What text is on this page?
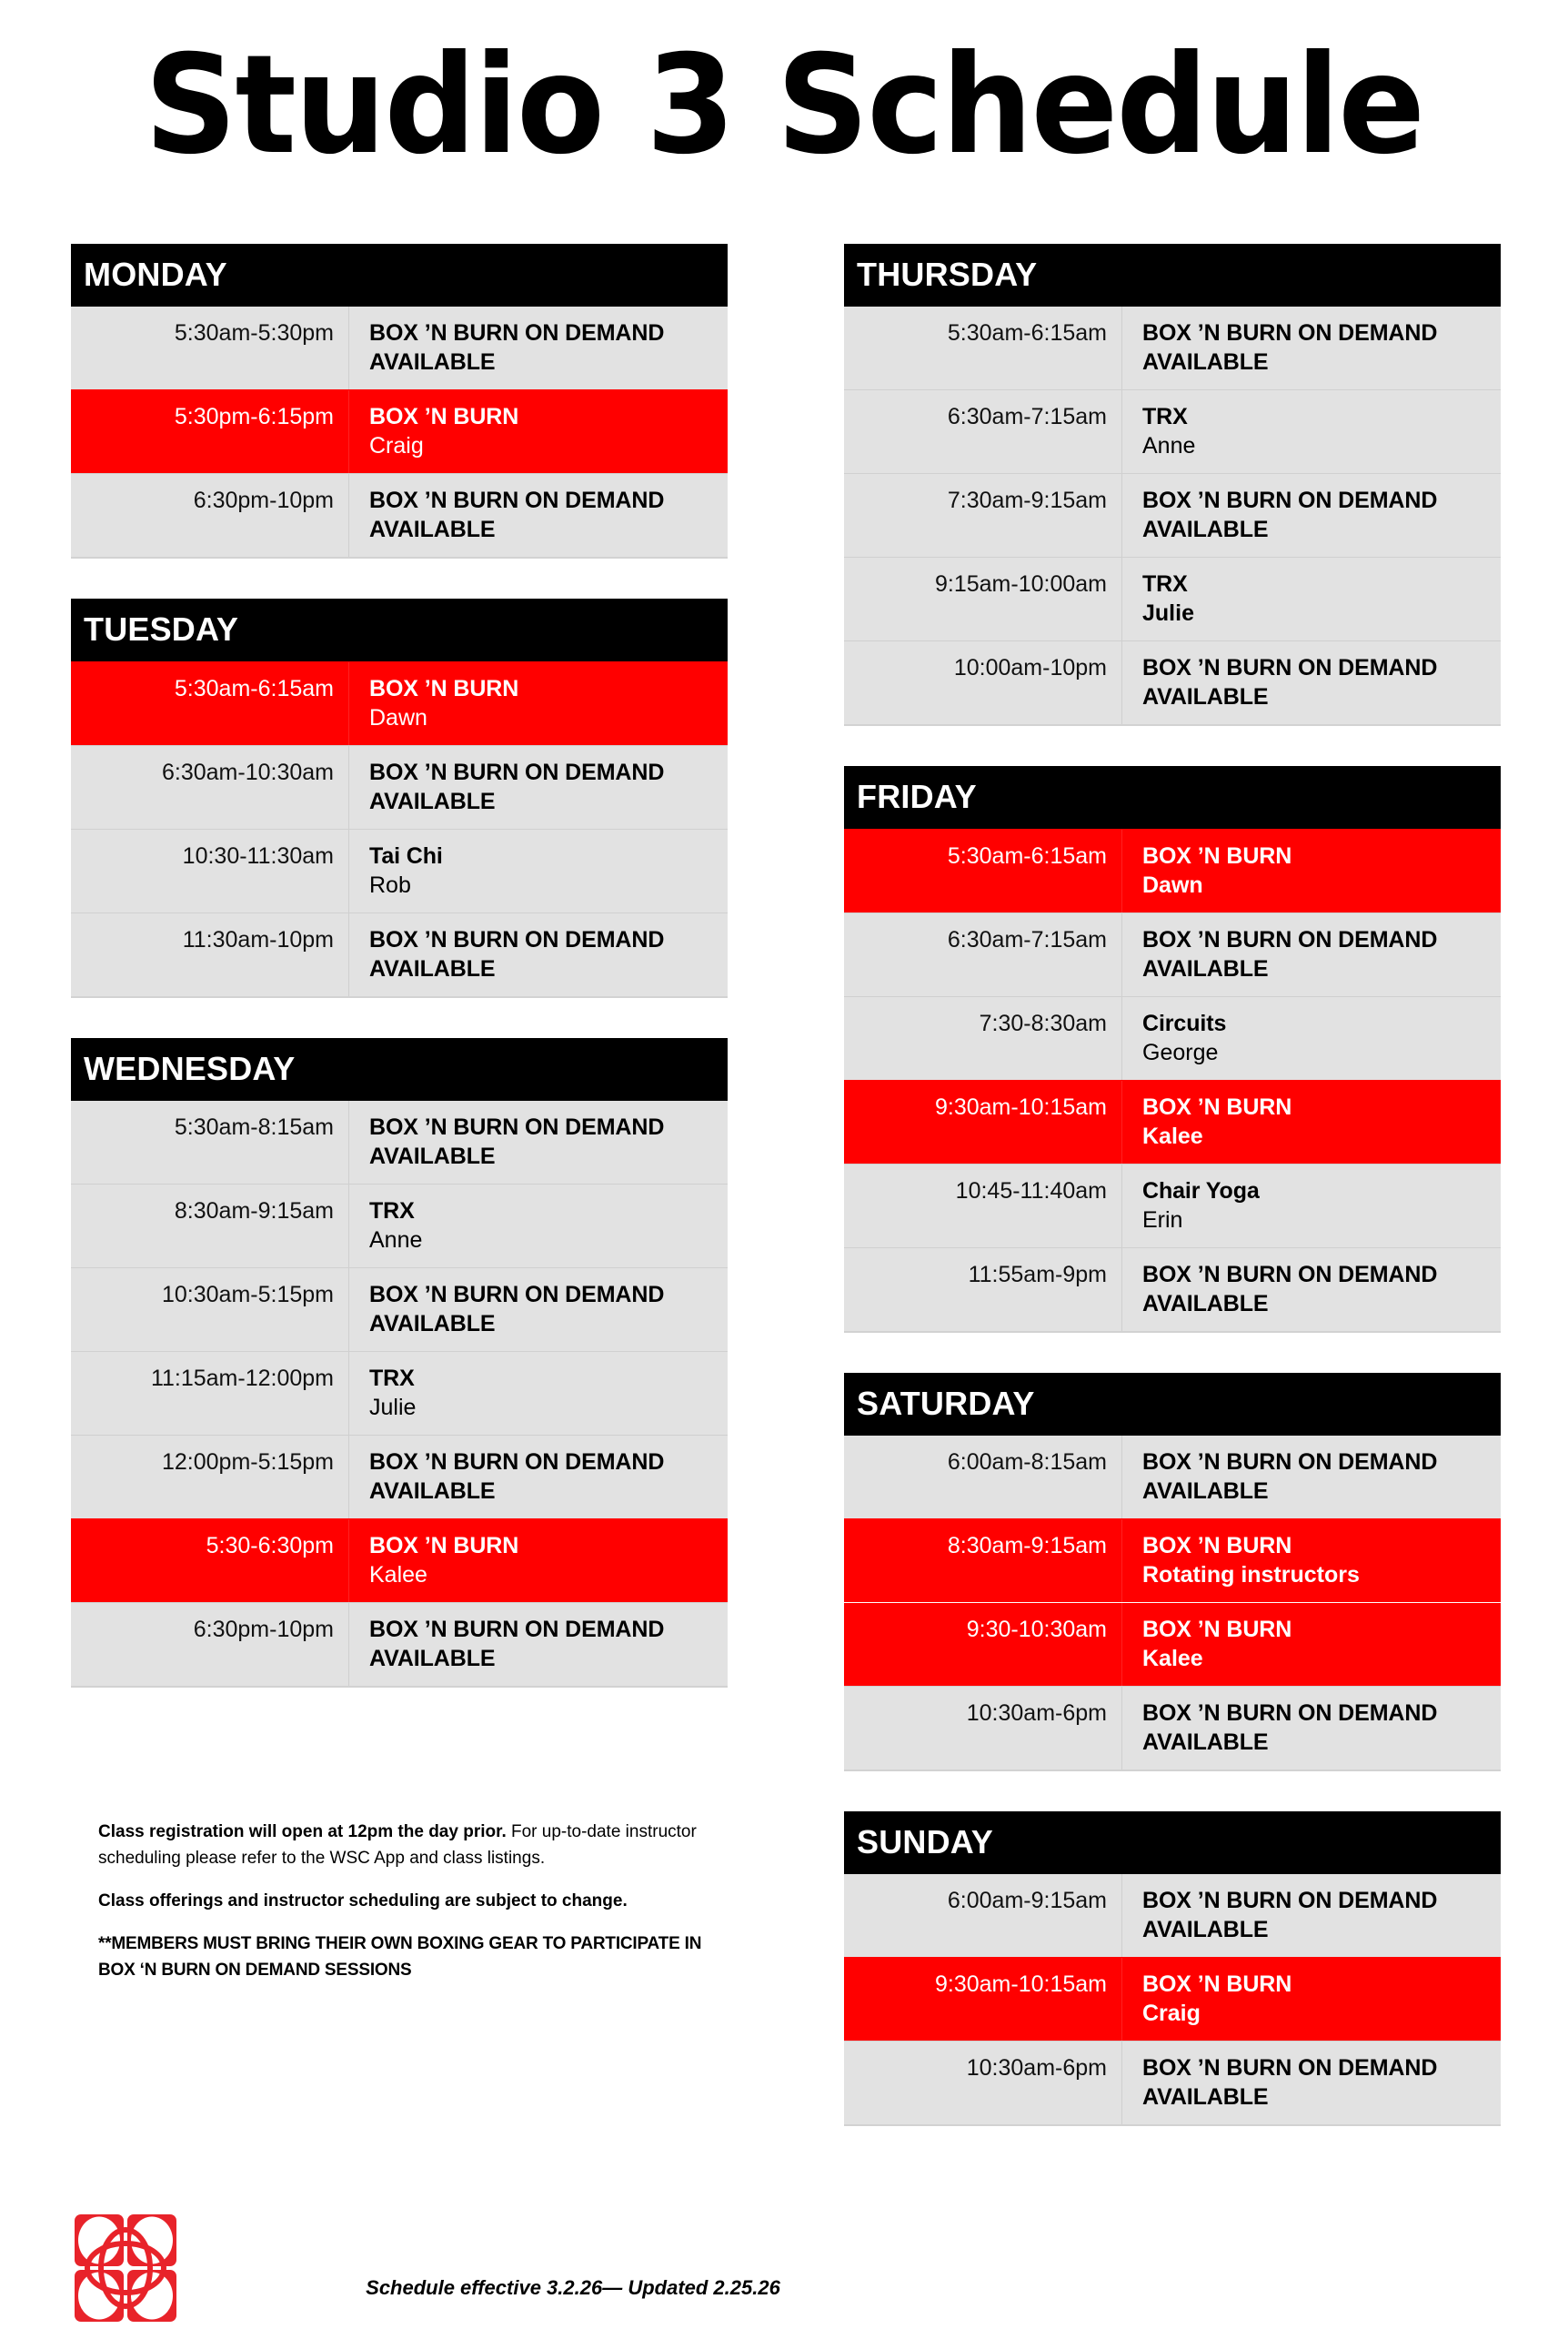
Studio 3 Schedule
MONDAY
5:30am-5:30pm	BOX ’N BURN ON DEMAND AVAILABLE
5:30pm-6:15pm	BOX ’N BURN
Craig
6:30pm-10pm	BOX ’N BURN ON DEMAND AVAILABLE
TUESDAY
5:30am-6:15am	BOX ’N BURN
Dawn
6:30am-10:30am	BOX ’N BURN ON DEMAND AVAILABLE
10:30-11:30am	Tai Chi
Rob
11:30am-10pm	BOX ’N BURN ON DEMAND AVAILABLE
WEDNESDAY
5:30am-8:15am	BOX ’N BURN ON DEMAND AVAILABLE
8:30am-9:15am	TRX
Anne
10:30am-5:15pm	BOX ’N BURN ON DEMAND AVAILABLE
11:15am-12:00pm	TRX
Julie
12:00pm-5:15pm	BOX ’N BURN ON DEMAND AVAILABLE
5:30-6:30pm	BOX ’N BURN
Kalee
6:30pm-10pm	BOX ’N BURN ON DEMAND AVAILABLE
THURSDAY
5:30am-6:15am	BOX ’N BURN ON DEMAND AVAILABLE
6:30am-7:15am	TRX
Anne
7:30am-9:15am	BOX ’N BURN ON DEMAND AVAILABLE
9:15am-10:00am	TRX
Julie
10:00am-10pm	BOX ’N BURN ON DEMAND AVAILABLE
FRIDAY
5:30am-6:15am	BOX ’N BURN
Dawn
6:30am-7:15am	BOX ’N BURN ON DEMAND AVAILABLE
7:30-8:30am	Circuits
George
9:30am-10:15am	BOX ’N BURN
Kalee
10:45-11:40am	Chair Yoga
Erin
11:55am-9pm	BOX ’N BURN ON DEMAND AVAILABLE
SATURDAY
6:00am-8:15am	BOX ’N BURN ON DEMAND AVAILABLE
8:30am-9:15am	BOX ’N BURN
Rotating instructors
9:30-10:30am	BOX ’N BURN
Kalee
10:30am-6pm	BOX ’N BURN ON DEMAND AVAILABLE
SUNDAY
6:00am-9:15am	BOX ’N BURN ON DEMAND AVAILABLE
9:30am-10:15am	BOX ’N BURN
Craig
10:30am-6pm	BOX ’N BURN ON DEMAND AVAILABLE

Class registration will open at 12pm the day prior. For up-to-date instructor scheduling please refer to the WSC App and class listings.

Class offerings and instructor scheduling are subject to change.

**MEMBERS MUST BRING THEIR OWN BOXING GEAR TO PARTICIPATE IN BOX ‘N BURN ON DEMAND SESSIONS

Schedule effective 3.2.26— Updated 2.25.26
